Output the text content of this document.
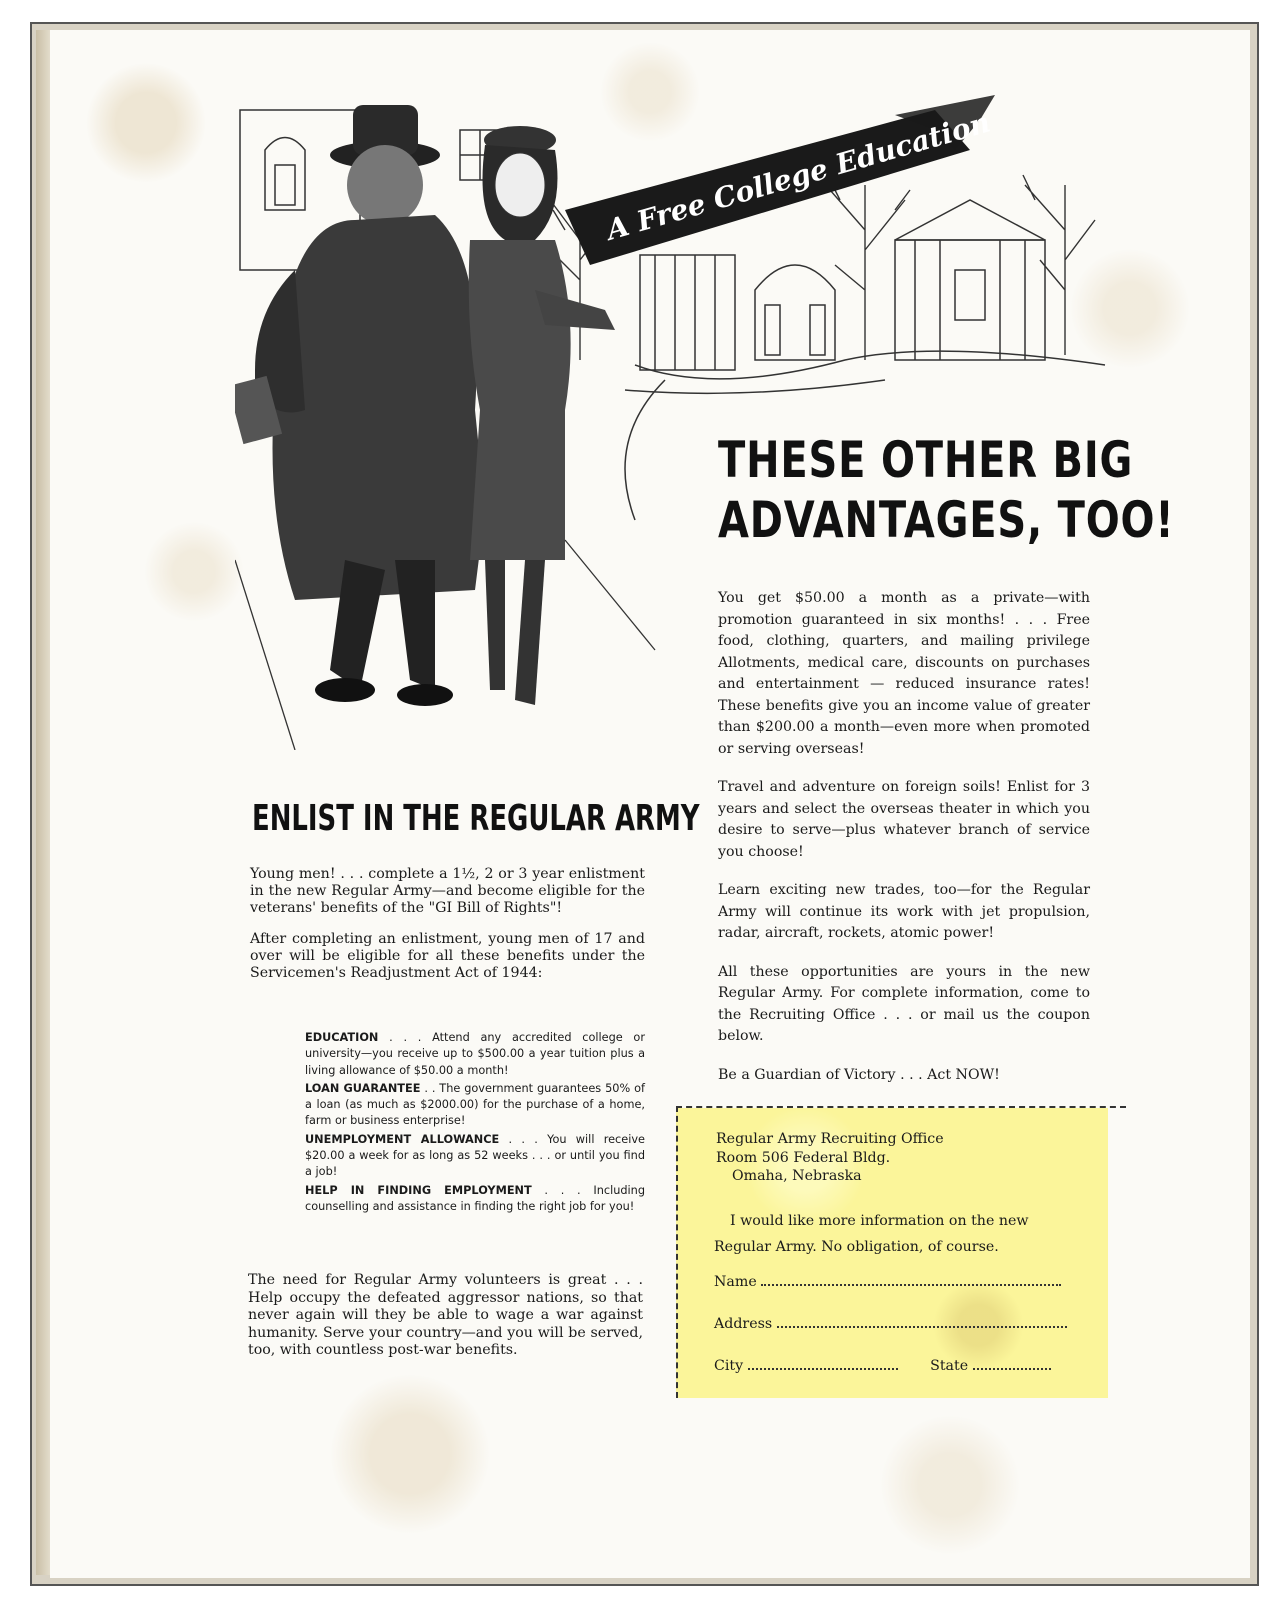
A Free College Education
THESE OTHER BIG
ADVANTAGES, TOO!

You get $50.00 a month as a private—with promotion guaranteed in six months! . . . Free food, clothing, quarters, and mailing privilege Allotments, medical care, discounts on purchases and entertainment — reduced insurance rates! These benefits give you an income value of greater than $200.00 a month—even more when promoted or serving overseas!

Travel and adventure on foreign soils! Enlist for 3 years and select the overseas theater in which you desire to serve—plus whatever branch of service you choose!

Learn exciting new trades, too—for the Regular Army will continue its work with jet propulsion, radar, aircraft, rockets, atomic power!

All these opportunities are yours in the new Regular Army. For complete information, come to the Recruiting Office . . . or mail us the coupon below.

Be a Guardian of Victory . . . Act NOW!

ENLIST IN THE REGULAR ARMY

Young men! . . . complete a 1½, 2 or 3 year enlistment in the new Regular Army—and become eligible for the veterans' benefits of the "GI Bill of Rights"!

After completing an enlistment, young men of 17 and over will be eligible for all these benefits under the Servicemen's Readjustment Act of 1944:

EDUCATION . . . Attend any accredited college or university—you receive up to $500.00 a year tuition plus a living allowance of $50.00 a month!

LOAN GUARANTEE . . The government guarantees 50% of a loan (as much as $2000.00) for the purchase of a home, farm or business enterprise!

UNEMPLOYMENT ALLOWANCE . . . You will receive $20.00 a week for as long as 52 weeks . . . or until you find a job!

HELP IN FINDING EMPLOYMENT . . . Including counselling and assistance in finding the right job for you!

The need for Regular Army volunteers is great . . . Help occupy the defeated aggressor nations, so that never again will they be able to wage a war against humanity. Serve your country—and you will be served, too, with countless post-war benefits.
Regular Army Recruiting Office
Room 506 Federal Bldg.
Omaha, Nebraska
I would like more information on the new
Regular Army. No obligation, of course.
Name
Address
City	State
